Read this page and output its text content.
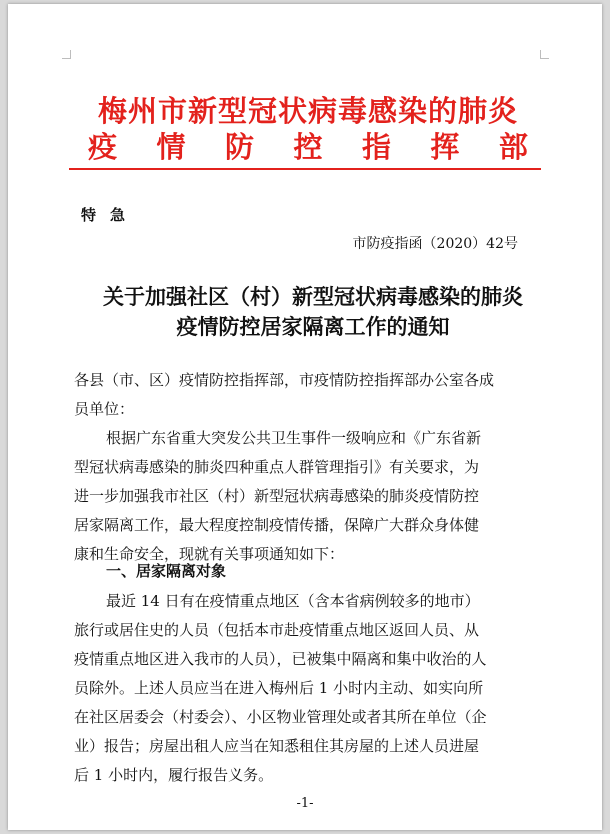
梅州市新型冠状病毒感染的肺炎
疫 情 防 控 指 挥 部
特急
市防疫指函（2020）42号
关于加强社区（村）新型冠状病毒感染的肺炎
疫情防控居家隔离工作的通知
各县（市、区）疫情防控指挥部，市疫情防控指挥部办公室各成
员单位：
根据广东省重大突发公共卫生事件一级响应和《广东省新
型冠状病毒感染的肺炎四种重点人群管理指引》有关要求，为
进一步加强我市社区（村）新型冠状病毒感染的肺炎疫情防控
居家隔离工作，最大程度控制疫情传播，保障广大群众身体健
康和生命安全，现就有关事项通知如下：
一、居家隔离对象
最近 14 日有在疫情重点地区（含本省病例较多的地市）
旅行或居住史的人员（包括本市赴疫情重点地区返回人员、从
疫情重点地区进入我市的人员），已被集中隔离和集中收治的人
员除外。上述人员应当在进入梅州后 1 小时内主动、如实向所
在社区居委会（村委会）、小区物业管理处或者其所在单位（企
业）报告；房屋出租人应当在知悉租住其房屋的上述人员进屋
后 1 小时内，履行报告义务。
-1-
